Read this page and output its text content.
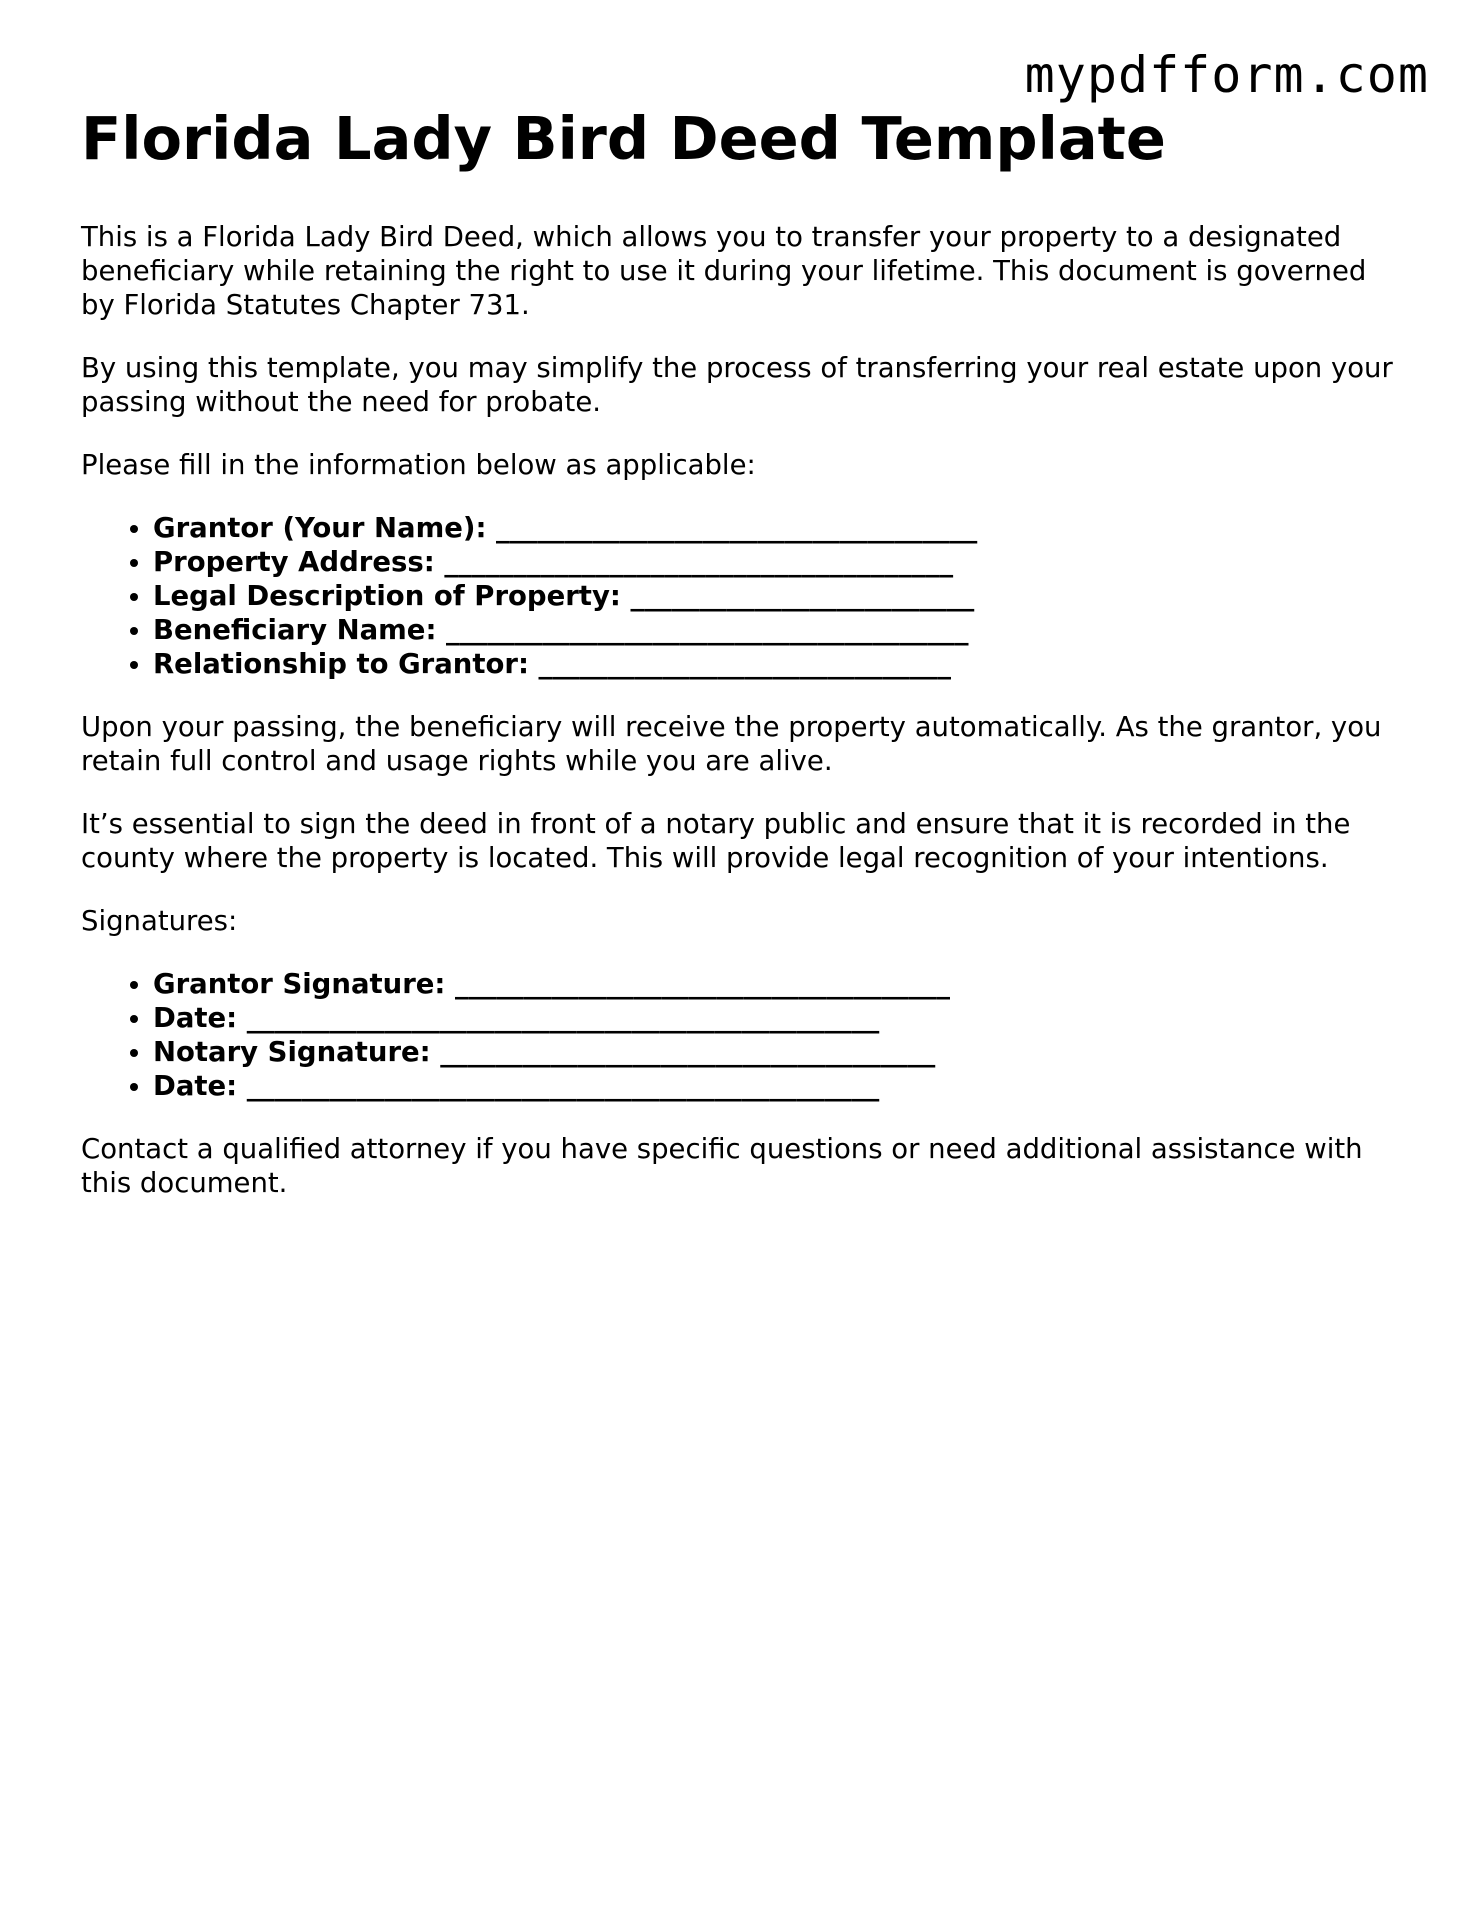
mypdfform.com
Florida Lady Bird Deed Template

This is a Florida Lady Bird Deed, which allows you to transfer your property to a designated beneficiary while retaining the right to use it during your lifetime. This document is governed by Florida Statutes Chapter 731.

By using this template, you may simplify the process of transferring your real estate upon your passing without the need for probate.

Please fill in the information below as applicable:

• Grantor (Your Name): ___________________________________
• Property Address: _____________________________________
• Legal Description of Property: _________________________
• Beneficiary Name: ______________________________________
• Relationship to Grantor: ______________________________

Upon your passing, the beneficiary will receive the property automatically. As the grantor, you retain full control and usage rights while you are alive.

It’s essential to sign the deed in front of a notary public and ensure that it is recorded in the county where the property is located. This will provide legal recognition of your intentions.

Signatures:

• Grantor Signature: ____________________________________
• Date: ______________________________________________
• Notary Signature: ____________________________________
• Date: ______________________________________________

Contact a qualified attorney if you have specific questions or need additional assistance with this document.
